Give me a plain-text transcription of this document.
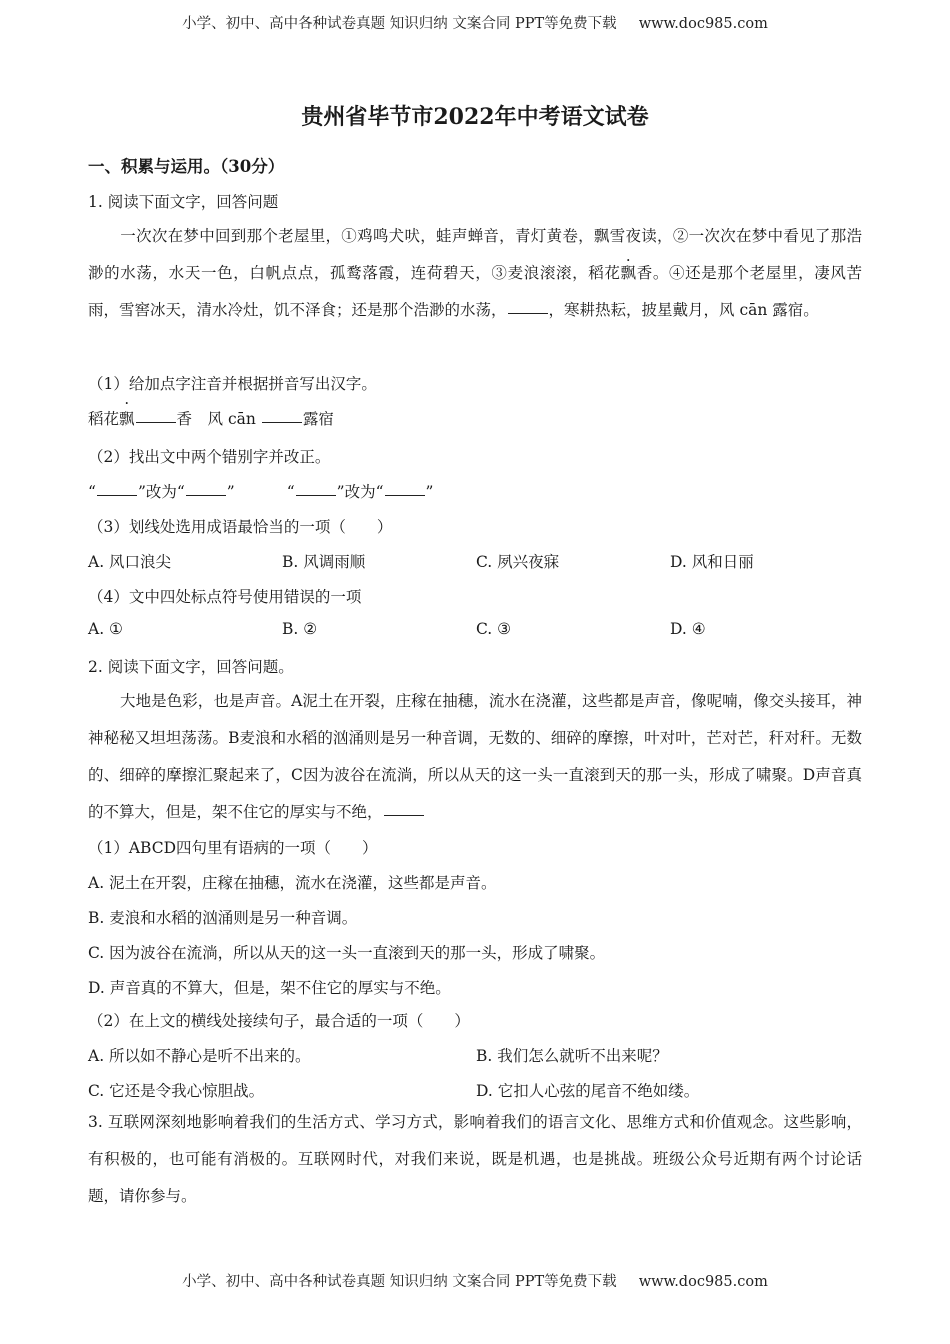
小学、初中、高中各种试卷真题 知识归纳 文案合同 PPT等免费下载 www.doc985.com
贵州省毕节市2022年中考语文试卷
一、积累与运用。（30分）
1. 阅读下面文字，回答问题
一次次在梦中回到那个老屋里，①鸡鸣犬吠，蛙声蝉音，青灯黄卷，飘雪夜读，②一次次在梦中看见了那浩渺的水荡，水天一色，白帆点点，孤鹜落霞，连荷碧天，③麦浪滚滚，稻花飘香。④还是那个老屋里，凄风苦雨，雪窖冰天，清水冷灶，饥不泽食；还是那个浩渺的水荡，	，寒耕热耘，披星戴月，风 cān 露宿。
（1）给加点字注音并根据拼音写出汉字。
稻花飘	香　风 cān	露宿
（2）找出文中两个错别字并改正。
“	”改为“	”	“	”改为“	”
（3）划线处选用成语最恰当的一项（　　）
A. 风口浪尖	B. 风调雨顺	C. 夙兴夜寐	D. 风和日丽
（4）文中四处标点符号使用错误的一项
A. ①	B. ②	C. ③	D. ④
2. 阅读下面文字，回答问题。
大地是色彩，也是声音。A泥土在开裂，庄稼在抽穗，流水在浇灌，这些都是声音，像呢喃，像交头接耳，神神秘秘又坦坦荡荡。B麦浪和水稻的汹涌则是另一种音调，无数的、细碎的摩擦，叶对叶，芒对芒，秆对秆。无数的、细碎的摩擦汇聚起来了，C因为波谷在流淌，所以从天的这一头一直滚到天的那一头，形成了啸聚。D声音真的不算大，但是，架不住它的厚实与不绝，
（1）ABCD四句里有语病的一项（　　）
A. 泥土在开裂，庄稼在抽穗，流水在浇灌，这些都是声音。
B. 麦浪和水稻的汹涌则是另一种音调。
C. 因为波谷在流淌，所以从天的这一头一直滚到天的那一头，形成了啸聚。
D. 声音真的不算大，但是，架不住它的厚实与不绝。
（2）在上文的横线处接续句子，最合适的一项（　　）
A. 所以如不静心是听不出来的。	B. 我们怎么就听不出来呢？
C. 它还是令我心惊胆战。	D. 它扣人心弦的尾音不绝如缕。
3. 互联网深刻地影响着我们的生活方式、学习方式，影响着我们的语言文化、思维方式和价值观念。这些影响，有积极的，也可能有消极的。互联网时代，对我们来说，既是机遇，也是挑战。班级公众号近期有两个讨论话题，请你参与。
小学、初中、高中各种试卷真题 知识归纳 文案合同 PPT等免费下载 www.doc985.com
